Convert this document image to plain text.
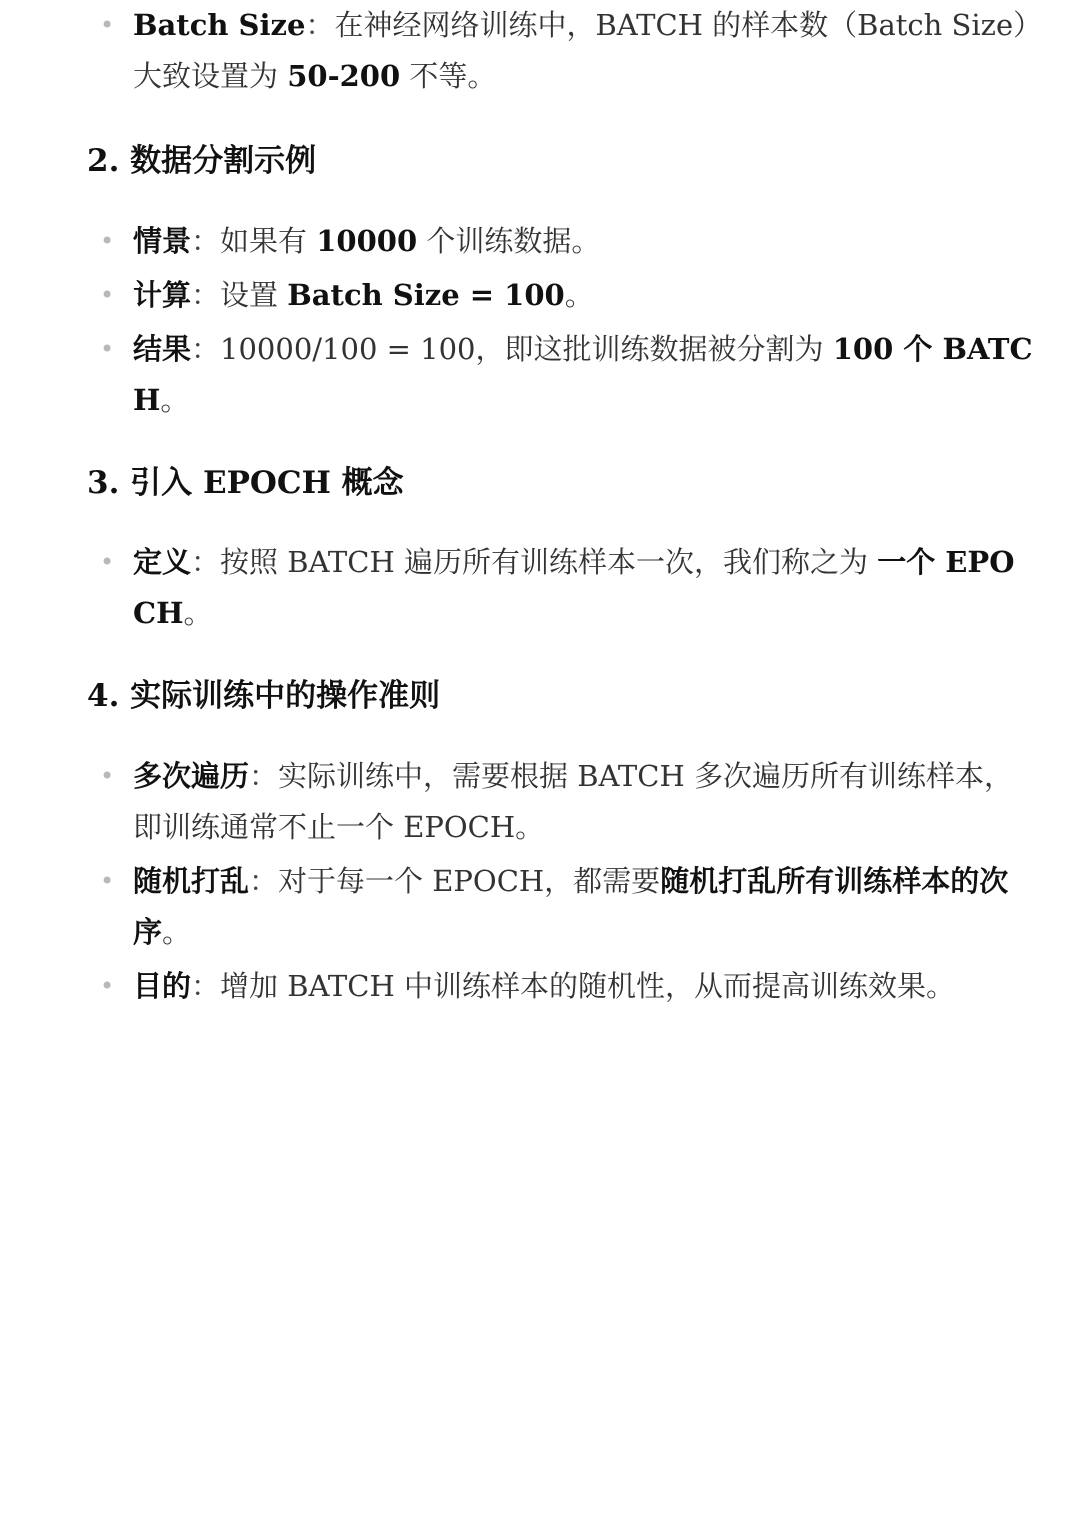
• Batch Size：在神经网络训练中，BATCH 的样本数（Batch Size）大致设置为 50-200 不等。
2. 数据分割示例
• 情景：如果有 10000 个训练数据。
• 计算：设置 Batch Size = 100。
• 结果：10000/100 = 100，即这批训练数据被分割为 100 个 BATCH。
3. 引入 EPOCH 概念
• 定义：按照 BATCH 遍历所有训练样本一次，我们称之为 一个 EPOCH。
4. 实际训练中的操作准则
• 多次遍历：实际训练中，需要根据 BATCH 多次遍历所有训练样本，即训练通常不止一个 EPOCH。
• 随机打乱：对于每一个 EPOCH，都需要随机打乱所有训练样本的次序。
• 目的：增加 BATCH 中训练样本的随机性，从而提高训练效果。
